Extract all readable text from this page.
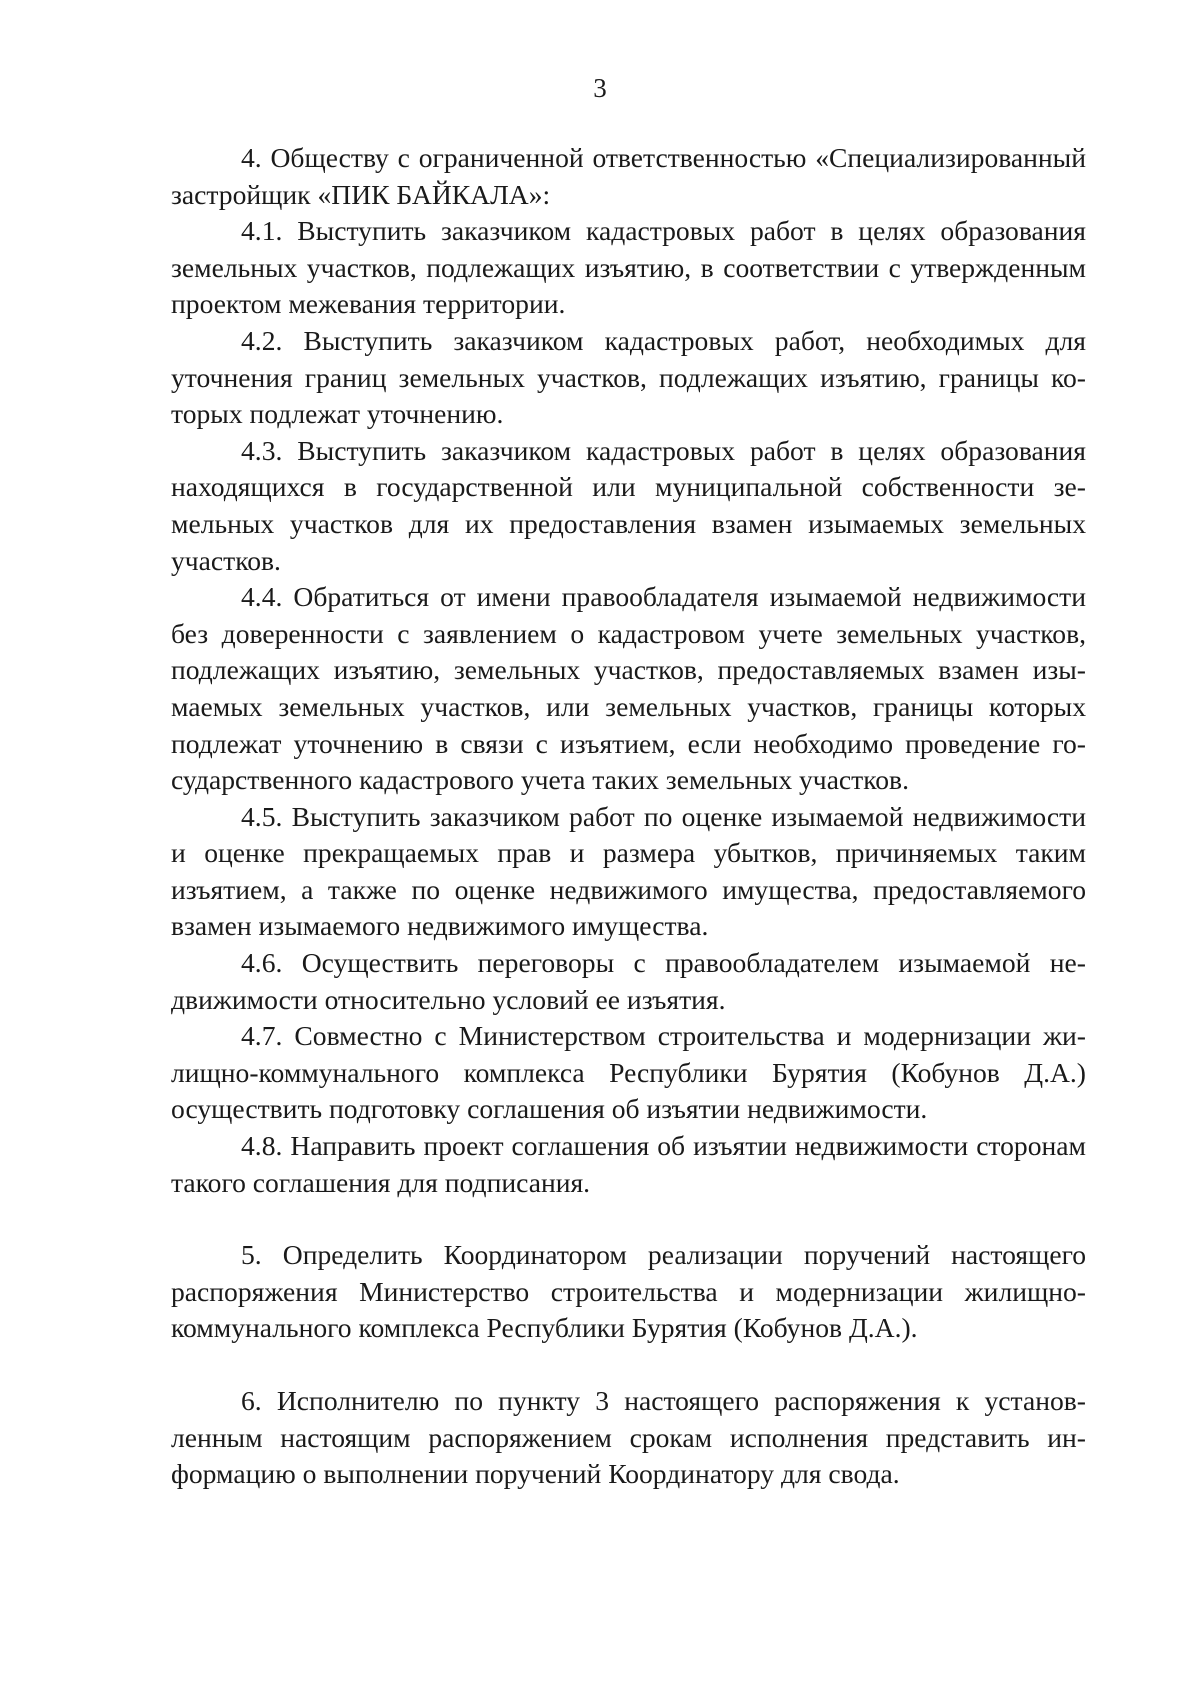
3

4. Обществу с ограниченной ответственностью «Специализированный застройщик «ПИК БАЙКАЛА»:

4.1. Выступить заказчиком кадастровых работ в целях образования земельных участков, подлежащих изъятию, в соответствии с утвержденным проектом межевания территории.

4.2. Выступить заказчиком кадастровых работ, необходимых для уточнения границ земельных участков, подлежащих изъятию, границы которых подлежат уточнению.

4.3. Выступить заказчиком кадастровых работ в целях образования находящихся в государственной или муниципальной собственности земельных участков для их предоставления взамен изымаемых земельных участков.

4.4. Обратиться от имени правообладателя изымаемой недвижимости без доверенности с заявлением о кадастровом учете земельных участков, подлежащих изъятию, земельных участков, предоставляемых взамен изымаемых земельных участков, или земельных участков, границы которых подлежат уточнению в связи с изъятием, если необходимо проведение государственного кадастрового учета таких земельных участков.

4.5. Выступить заказчиком работ по оценке изымаемой недвижимости и оценке прекращаемых прав и размера убытков, причиняемых таким изъятием, а также по оценке недвижимого имущества, предоставляемого взамен изымаемого недвижимого имущества.

4.6. Осуществить переговоры с правообладателем изымаемой недвижимости относительно условий ее изъятия.

4.7. Совместно с Министерством строительства и модернизации жилищно-коммунального комплекса Республики Бурятия (Кобунов Д.А.) осуществить подготовку соглашения об изъятии недвижимости.

4.8. Направить проект соглашения об изъятии недвижимости сторонам такого соглашения для подписания.

5. Определить Координатором реализации поручений настоящего распоряжения Министерство строительства и модернизации жилищно-коммунального комплекса Республики Бурятия (Кобунов Д.А.).

6. Исполнителю по пункту 3 настоящего распоряжения к установленным настоящим распоряжением срокам исполнения представить информацию о выполнении поручений Координатору для свода.
